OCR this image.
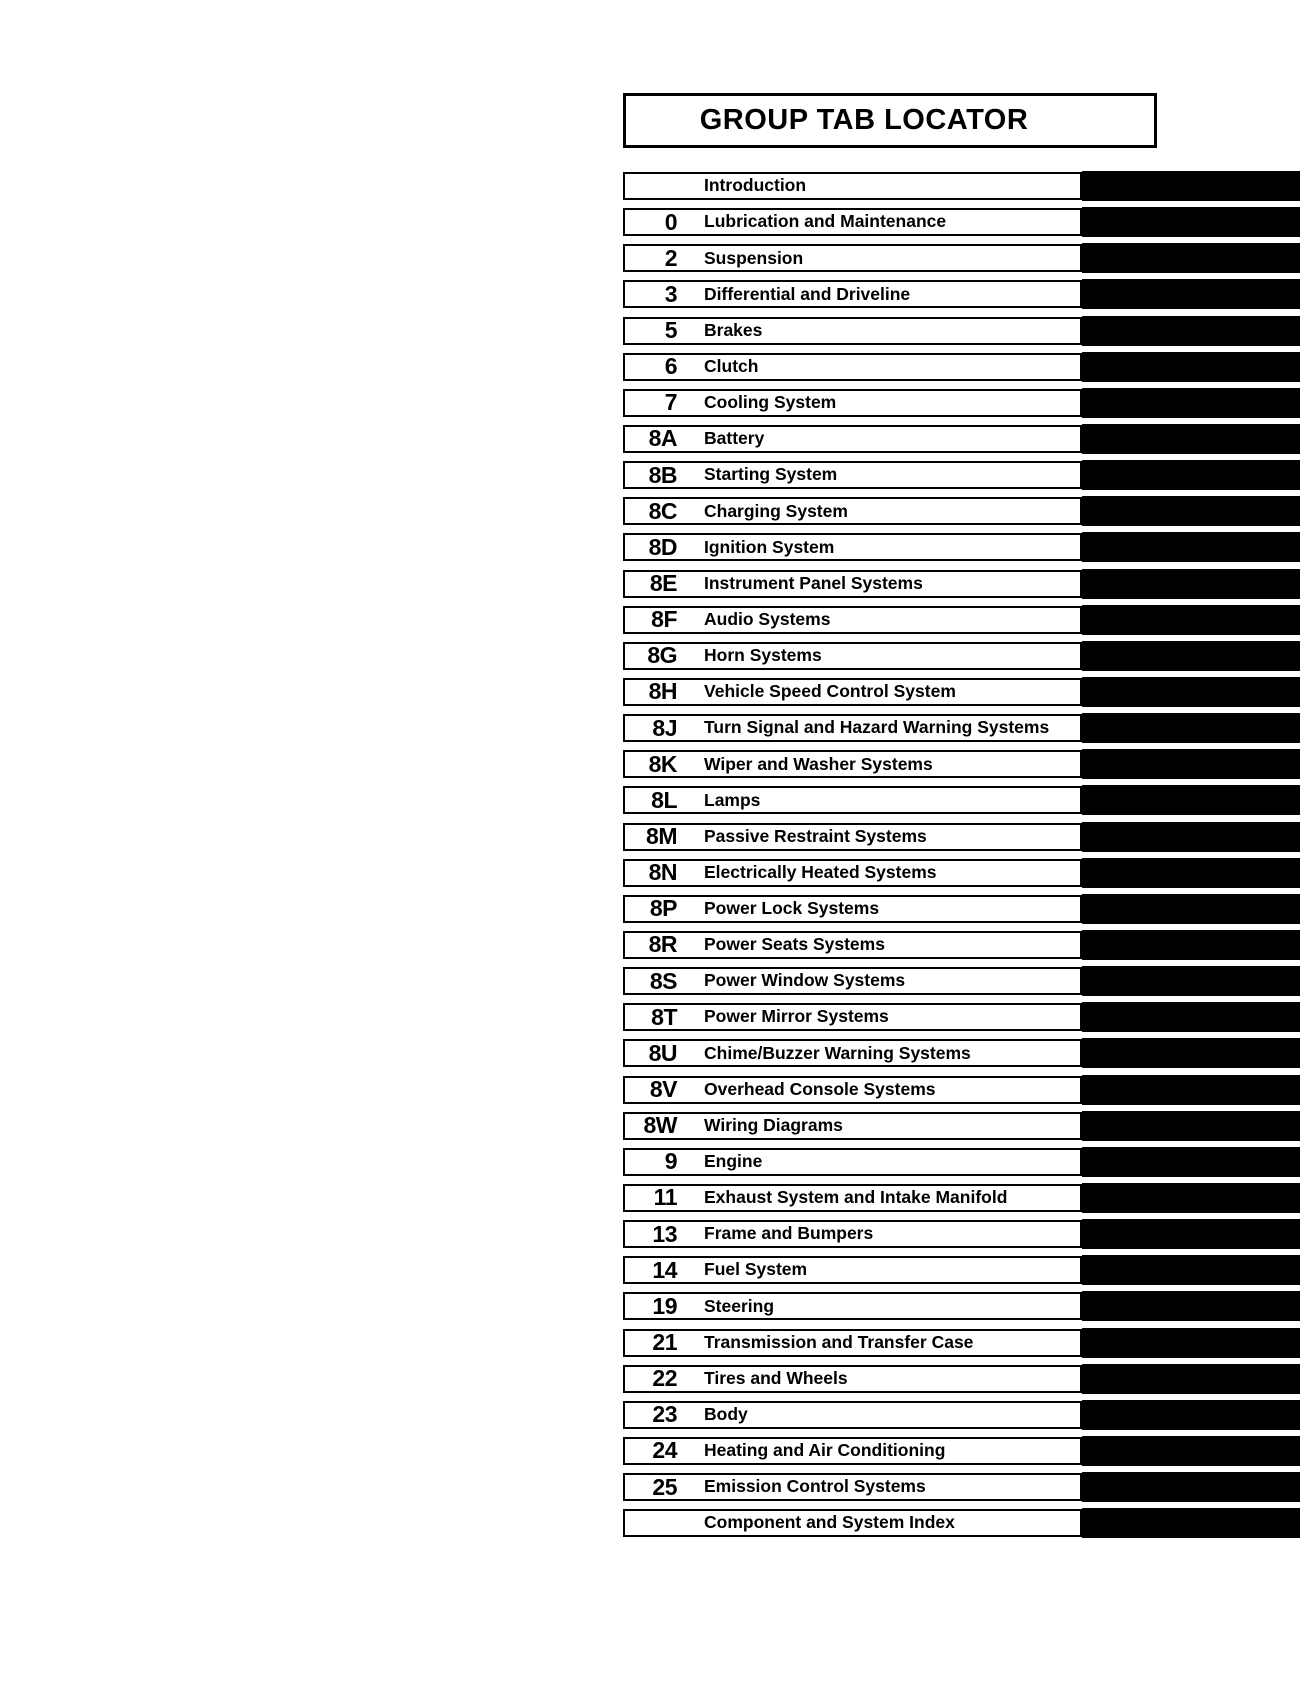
GROUP TAB LOCATOR
Introduction
0 Lubrication and Maintenance
2 Suspension
3 Differential and Driveline
5 Brakes
6 Clutch
7 Cooling System
8A Battery
8B Starting System
8C Charging System
8D Ignition System
8E Instrument Panel Systems
8F Audio Systems
8G Horn Systems
8H Vehicle Speed Control System
8J Turn Signal and Hazard Warning Systems
8K Wiper and Washer Systems
8L Lamps
8M Passive Restraint Systems
8N Electrically Heated Systems
8P Power Lock Systems
8R Power Seats Systems
8S Power Window Systems
8T Power Mirror Systems
8U Chime/Buzzer Warning Systems
8V Overhead Console Systems
8W Wiring Diagrams
9 Engine
11 Exhaust System and Intake Manifold
13 Frame and Bumpers
14 Fuel System
19 Steering
21 Transmission and Transfer Case
22 Tires and Wheels
23 Body
24 Heating and Air Conditioning
25 Emission Control Systems
Component and System Index
